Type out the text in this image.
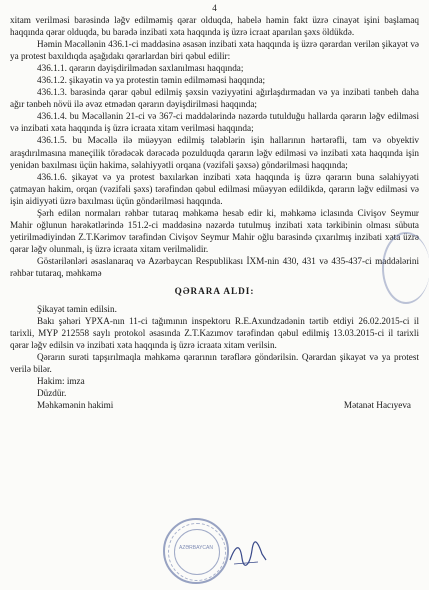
4

xitam verilməsi barəsində ləğv edilməmiş qərar olduqda, habelə həmin fakt üzrə cinayət işini başlamaq haqqında qərar olduqda, bu barədə inzibati xəta haqqında iş üzrə icraat aparılan şəxs öldükdə.

Həmin Məcəllənin 436.1-ci maddəsinə əsasən inzibati xəta haqqında iş üzrə qərardan verilən şikayət və ya protest baxıldıqda aşağıdakı qərarlardan biri qəbul edilir:

436.1.1. qərarın dəyişdirilmədən saxlanılması haqqında;

436.1.2. şikayətin və ya protestin təmin edilməməsi haqqında;

436.1.3. barəsində qərar qəbul edilmiş şəxsin vəziyyətini ağırlaşdırmadan və ya inzibati tənbeh daha ağır tənbeh növü ilə əvəz etmədən qərarın dəyişdirilməsi haqqında;

436.1.4. bu Məcəllənin 21-ci və 367-ci maddələrində nəzərdə tutulduğu hallarda qərarın ləğv edilməsi və inzibati xəta haqqında iş üzrə icraata xitam verilməsi haqqında;

436.1.5. bu Məcəllə ilə müəyyən edilmiş tələblərin işin hallarının hərtərəfli, tam və obyektiv araşdırılmasına maneçilik törədəcək dərəcədə pozulduqda qərarın ləğv edilməsi və inzibati xəta haqqında işin yenidən baxılması üçün hakimə, səlahiyyətli orqana (vəzifəli şəxsə) göndərilməsi haqqında;

436.1.6. şikayət və ya protest baxılarkən inzibati xəta haqqında iş üzrə qərarın buna səlahiyyəti çatmayan hakim, orqan (vəzifəli şəxs) tərəfindən qəbul edilməsi müəyyən edildikdə, qərarın ləğv edilməsi və işin aidiyyəti üzrə baxılması üçün göndərilməsi haqqında.

Şərh edilən normaları rəhbər tutaraq məhkəmə hesab edir ki, məhkəmə iclasında Civişov Seymur Mahir oğlunun hərəkətlərində 151.2-ci maddəsinə nəzərdə tutulmuş inzibati xəta tərkibinin olması sübuta yetirilmədiyindən Z.T.Kərimov tərəfindən Civişov Seymur Mahir oğlu barəsində çıxarılmış inzibati xəta üzrə qərar ləğv olunmalı, iş üzrə icraata xitam verilməlidir.

Göstərilənləri əsaslanaraq və Azərbaycan Respublikası İXM-nin 430, 431 və 435-437-ci maddələrini rəhbər tutaraq, məhkəmə

QƏRARA ALDI:

Şikayət təmin edilsin.

Bakı şəhəri YPXA-nın 11-ci tağımının inspektoru R.E.Axundzadənin tərtib etdiyi 26.02.2015-ci il tarixli, MYP 212558 saylı protokol əsasında Z.T.Kazımov tərəfindən qəbul edilmiş 13.03.2015-ci il tarixli qərar ləğv edilsin və inzibati xəta haqqında iş üzrə icraata xitam verilsin.

Qərarın surəti tapşırılmaqla məhkəmə qərarının tərəflərə göndərilsin. Qərardan şikayət və ya protest verilə bilər.

Hakim: imza

Düzdür.

Məhkəmənin hakimi	Mətanət Hacıyeva
AZƏRBAYCAN
